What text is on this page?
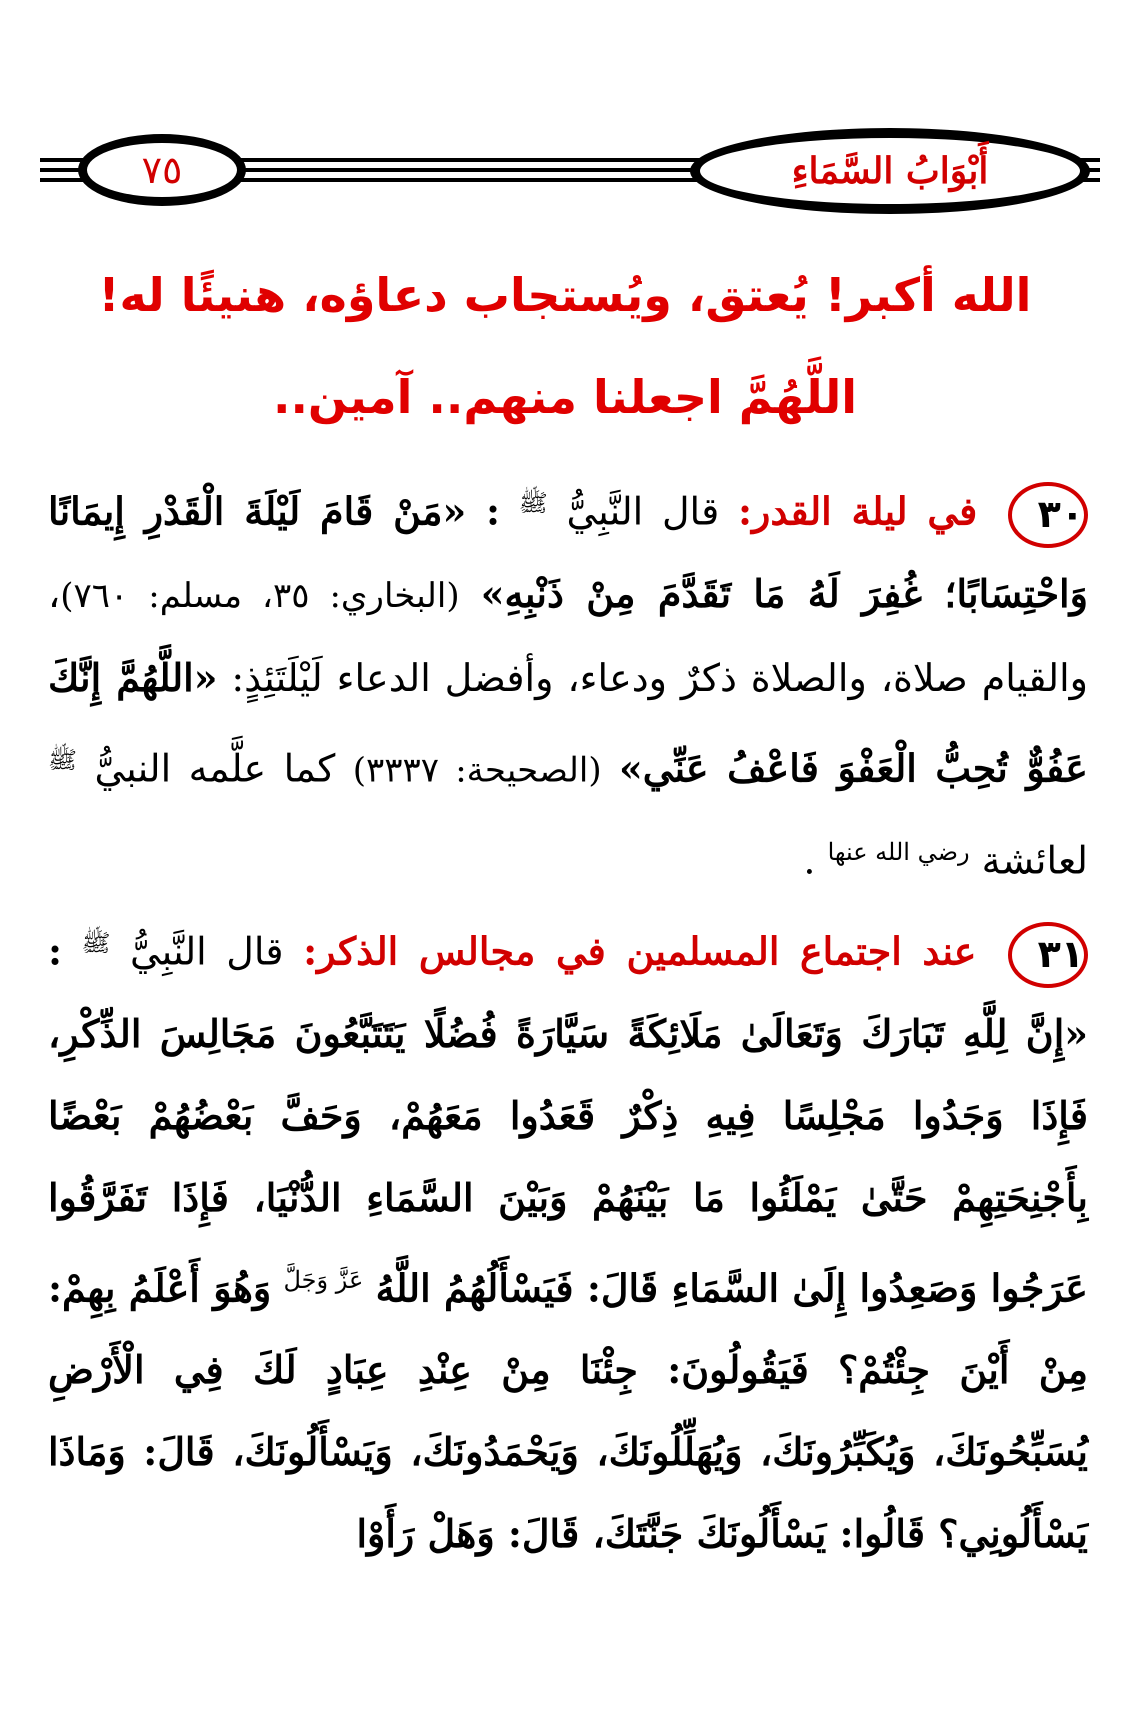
٧٥	أَبْوَابُ السَّمَاءِ
الله أكبر! يُعتق، ويُستجاب دعاؤه، هنيئًا له!
اللَّهُمَّ اجعلنا منهم.. آمين..

٣٠ في ليلة القدر: قال النَّبِيُّ $^ﷺ$ : «مَنْ قَامَ لَيْلَةَ الْقَدْرِ إِيمَانًا وَاحْتِسَابًا؛ غُفِرَ لَهُ مَا تَقَدَّمَ مِنْ ذَنْبِهِ» (البخاري: ٣٥، مسلم: ٧٦٠)، والقيام صلاة، والصلاة ذكرٌ ودعاء، وأفضل الدعاء لَيْلَتَئِذٍ: «اللَّهُمَّ إِنَّكَ عَفُوٌّ تُحِبُّ الْعَفْوَ فَاعْفُ عَنِّي» (الصحيحة: ٣٣٣٧) كما علَّمه النبيُّ $^ﷺ$ لعائشة $^{رضي الله عنها}$ .

٣١ عند اجتماع المسلمين في مجالس الذكر: قال النَّبِيُّ $^ﷺ$ : «إِنَّ لِلَّهِ تَبَارَكَ وَتَعَالَىٰ مَلَائِكَةً سَيَّارَةً فُضُلًا يَتَتَبَّعُونَ مَجَالِسَ الذِّكْرِ، فَإِذَا وَجَدُوا مَجْلِسًا فِيهِ ذِكْرٌ قَعَدُوا مَعَهُمْ، وَحَفَّ بَعْضُهُمْ بَعْضًا بِأَجْنِحَتِهِمْ حَتَّىٰ يَمْلَئُوا مَا بَيْنَهُمْ وَبَيْنَ السَّمَاءِ الدُّنْيَا، فَإِذَا تَفَرَّقُوا عَرَجُوا وَصَعِدُوا إِلَىٰ السَّمَاءِ قَالَ: فَيَسْأَلُهُمُ اللَّهُ $^{عَزَّ وَجَلَّ}$ وَهُوَ أَعْلَمُ بِهِمْ: مِنْ أَيْنَ جِئْتُمْ؟ فَيَقُولُونَ: جِئْنَا مِنْ عِنْدِ عِبَادٍ لَكَ فِي الْأَرْضِ يُسَبِّحُونَكَ، وَيُكَبِّرُونَكَ، وَيُهَلِّلُونَكَ، وَيَحْمَدُونَكَ، وَيَسْأَلُونَكَ، قَالَ: وَمَاذَا يَسْأَلُونِي؟ قَالُوا: يَسْأَلُونَكَ جَنَّتَكَ، قَالَ: وَهَلْ رَأَوْا
